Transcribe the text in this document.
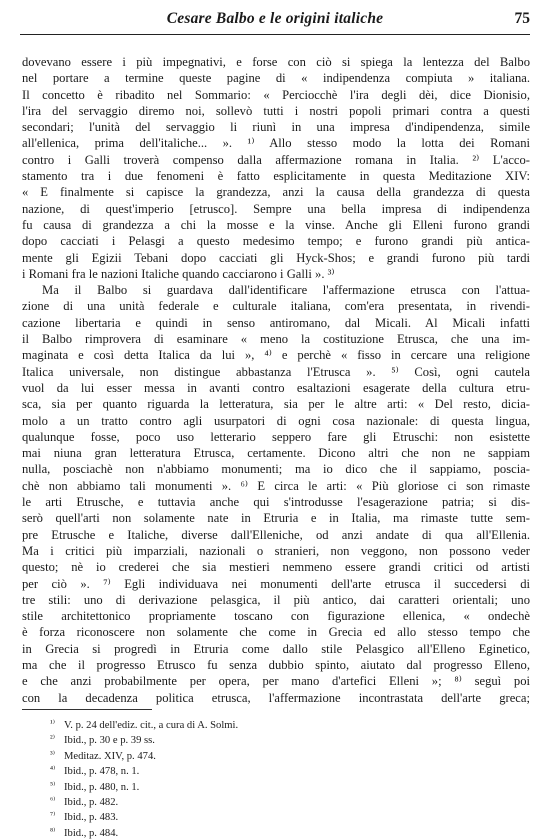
Cesare Balbo e le origini italiche	75
dovevano essere i più impegnativi, e forse con ciò si spiega la lentezza del Balbo
nel portare a termine queste pagine di « indipendenza compiuta » italiana.
Il concetto è ribadito nel Sommario: « Perciocchè l'ira degli dèi, dice Dionisio,
l'ira del servaggio diremo noi, sollevò tutti i nostri popoli primari contra a questi
secondari; l'unità del servaggio li riunì in una impresa d'indipendenza, simile
all'ellenica, prima dell'italiche... ». ¹⁾ Allo stesso modo la lotta dei Romani
contro i Galli troverà compenso dalla affermazione romana in Italia. ²⁾ L'acco-
stamento tra i due fenomeni è fatto esplicitamente in questa Meditazione XIV:
« E finalmente si capisce la grandezza, anzi la causa della grandezza di questa
nazione, di quest'imperio [etrusco]. Sempre una bella impresa di indipendenza
fu causa di grandezza a chi la mosse e la vinse. Anche gli Elleni furono grandi
dopo cacciati i Pelasgi a questo medesimo tempo; e furono grandi più antica-
mente gli Egizii Tebani dopo cacciati gli Hyck-Shos; e grandi furono più tardi
i Romani fra le nazioni Italiche quando cacciarono i Galli ». ³⁾
Ma il Balbo si guardava dall'identificare l'affermazione etrusca con l'attua-
zione di una unità federale e culturale italiana, com'era presentata, in rivendi-
cazione libertaria e quindi in senso antiromano, dal Micali. Al Micali infatti
il Balbo rimprovera di esaminare « meno la costituzione Etrusca, che una im-
maginata e così detta Italica da lui », ⁴⁾ e perchè « fisso in cercare una religione
Italica universale, non distingue abbastanza l'Etrusca ». ⁵⁾ Così, ogni cautela
vuol da lui esser messa in avanti contro esaltazioni esagerate della cultura etru-
sca, sia per quanto riguarda la letteratura, sia per le altre arti: « Del resto, dicia-
molo a un tratto contro agli usurpatori di ogni cosa nazionale: di questa lingua,
qualunque fosse, poco uso letterario seppero fare gli Etruschi: non esistette
mai niuna gran letteratura Etrusca, certamente. Dicono altri che non ne sappiam
nulla, posciachè non n'abbiamo monumenti; ma io dico che il sappiamo, poscia-
chè non abbiamo tali monumenti ». ⁶⁾ E circa le arti: « Più gloriose ci son rimaste
le arti Etrusche, e tuttavia anche qui s'introdusse l'esagerazione patria; si dis-
serò quell'arti non solamente nate in Etruria e in Italia, ma rimaste tutte sem-
pre Etrusche e Italiche, diverse dall'Elleniche, od anzi andate di qua all'Ellenia.
Ma i critici più imparziali, nazionali o stranieri, non veggono, non possono veder
questo; nè io crederei che sia mestieri nemmeno essere grandi critici od artisti
per ciò ». ⁷⁾ Egli individuava nei monumenti dell'arte etrusca il succedersi di
tre stili: uno di derivazione pelasgica, il più antico, dai caratteri orientali; uno
stile architettonico propriamente toscano con figurazione ellenica, « ondechè
è forza riconoscere non solamente che come in Grecia ed allo stesso tempo che
in Grecia si progredì in Etruria come dallo stile Pelasgico all'Elleno Eginetico,
ma che il progresso Etrusco fu senza dubbio spinto, aiutato dal progresso Elleno,
e che anzi probabilmente per opera, per mano d'artefici Elleni »; ⁸⁾ seguì poi
con la decadenza politica etrusca, l'affermazione incontrastata dell'arte greca;
¹⁾ V. p. 24 dell'ediz. cit., a cura di A. Solmi.
²⁾ Ibid., p. 30 e p. 39 ss.
³⁾ Meditaz. XIV, p. 474.
⁴⁾ Ibid., p. 478, n. 1.
⁵⁾ Ibid., p. 480, n. 1.
⁶⁾ Ibid., p. 482.
⁷⁾ Ibid., p. 483.
⁸⁾ Ibid., p. 484.
